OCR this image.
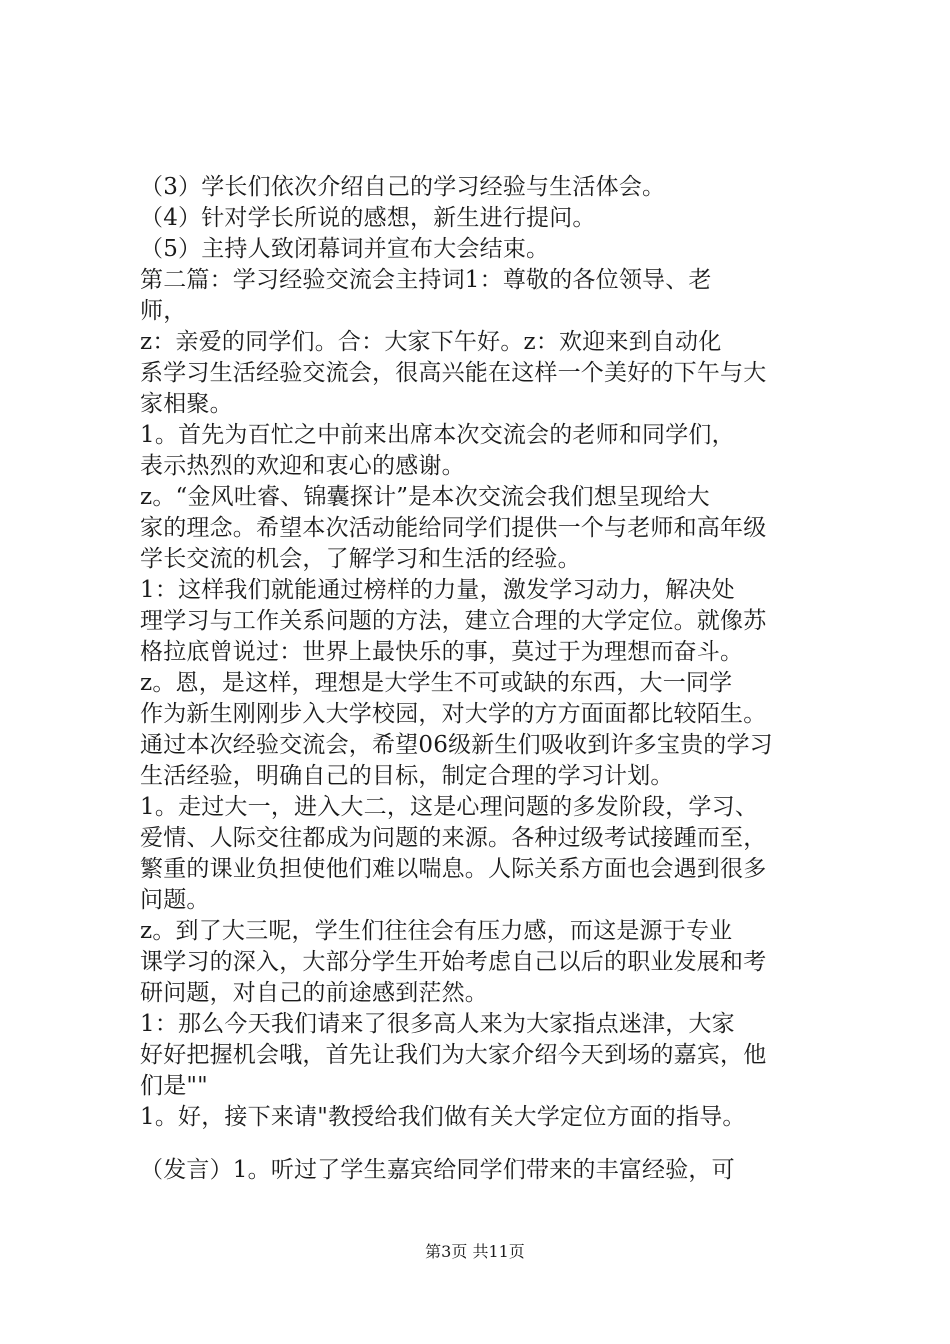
（3）学长们依次介绍自己的学习经验与生活体会。
（4）针对学长所说的感想，新生进行提问。
（5）主持人致闭幕词并宣布大会结束。
第二篇：学习经验交流会主持词1：尊敬的各位领导、老
师，
z：亲爱的同学们。合：大家下午好。z：欢迎来到自动化
系学习生活经验交流会，很高兴能在这样一个美好的下午与大
家相聚。
1。首先为百忙之中前来出席本次交流会的老师和同学们，
表示热烈的欢迎和衷心的感谢。
z。“金风吐睿、锦囊探计”是本次交流会我们想呈现给大
家的理念。希望本次活动能给同学们提供一个与老师和高年级
学长交流的机会，了解学习和生活的经验。
1：这样我们就能通过榜样的力量，激发学习动力，解决处
理学习与工作关系问题的方法，建立合理的大学定位。就像苏
格拉底曾说过：世界上最快乐的事，莫过于为理想而奋斗。
z。恩，是这样，理想是大学生不可或缺的东西，大一同学
作为新生刚刚步入大学校园，对大学的方方面面都比较陌生。
通过本次经验交流会，希望06级新生们吸收到许多宝贵的学习
生活经验，明确自己的目标，制定合理的学习计划。
1。走过大一，进入大二，这是心理问题的多发阶段，学习、
爱情、人际交往都成为问题的来源。各种过级考试接踵而至，
繁重的课业负担使他们难以喘息。人际关系方面也会遇到很多
问题。
z。到了大三呢，学生们往往会有压力感，而这是源于专业
课学习的深入，大部分学生开始考虑自己以后的职业发展和考
研问题，对自己的前途感到茫然。
1：那么今天我们请来了很多高人来为大家指点迷津，大家
好好把握机会哦，首先让我们为大家介绍今天到场的嘉宾，他
们是""
1。好，接下来请"教授给我们做有关大学定位方面的指导。
（发言）1。听过了学生嘉宾给同学们带来的丰富经验，可
第3页 共11页
